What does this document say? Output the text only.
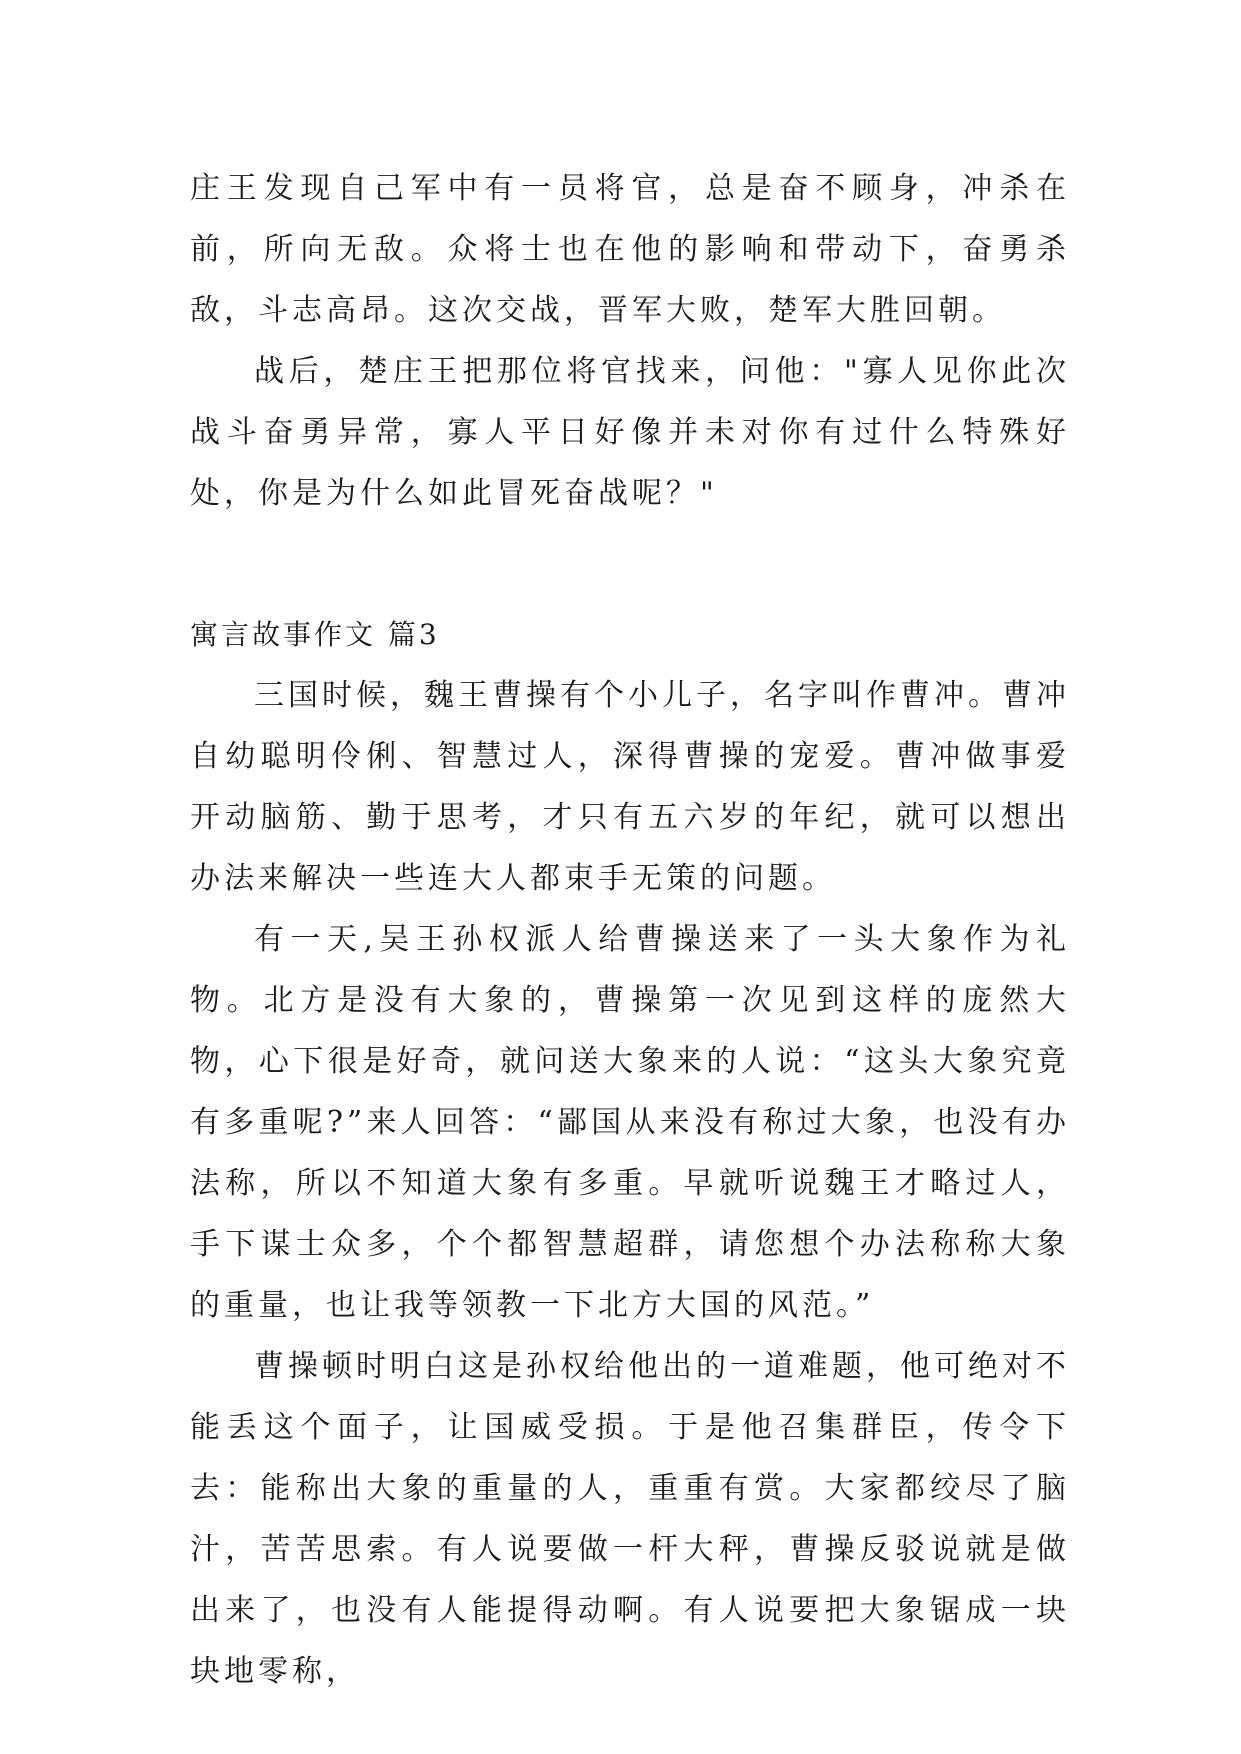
庄王发现自己军中有一员将官，总是奋不顾身，冲杀在前，所向无敌。众将士也在他的影响和带动下，奋勇杀敌，斗志高昂。这次交战，晋军大败，楚军大胜回朝。

战后，楚庄王把那位将官找来，问他："寡人见你此次战斗奋勇异常，寡人平日好像并未对你有过什么特殊好处，你是为什么如此冒死奋战呢？"

寓言故事作文 篇3

三国时候，魏王曹操有个小儿子，名字叫作曹冲。曹冲自幼聪明伶俐、智慧过人，深得曹操的宠爱。曹冲做事爱开动脑筋、勤于思考，才只有五六岁的年纪，就可以想出办法来解决一些连大人都束手无策的问题。

有一天,吴王孙权派人给曹操送来了一头大象作为礼物。北方是没有大象的，曹操第一次见到这样的庞然大物，心下很是好奇，就问送大象来的人说：“这头大象究竟有多重呢?”来人回答：“鄙国从来没有称过大象，也没有办法称，所以不知道大象有多重。早就听说魏王才略过人，手下谋士众多，个个都智慧超群，请您想个办法称称大象的重量，也让我等领教一下北方大国的风范。”

曹操顿时明白这是孙权给他出的一道难题，他可绝对不能丢这个面子，让国威受损。于是他召集群臣，传令下去：能称出大象的重量的人，重重有赏。大家都绞尽了脑汁，苦苦思索。有人说要做一杆大秤，曹操反驳说就是做出来了，也没有人能提得动啊。有人说要把大象锯成一块块地零称，
